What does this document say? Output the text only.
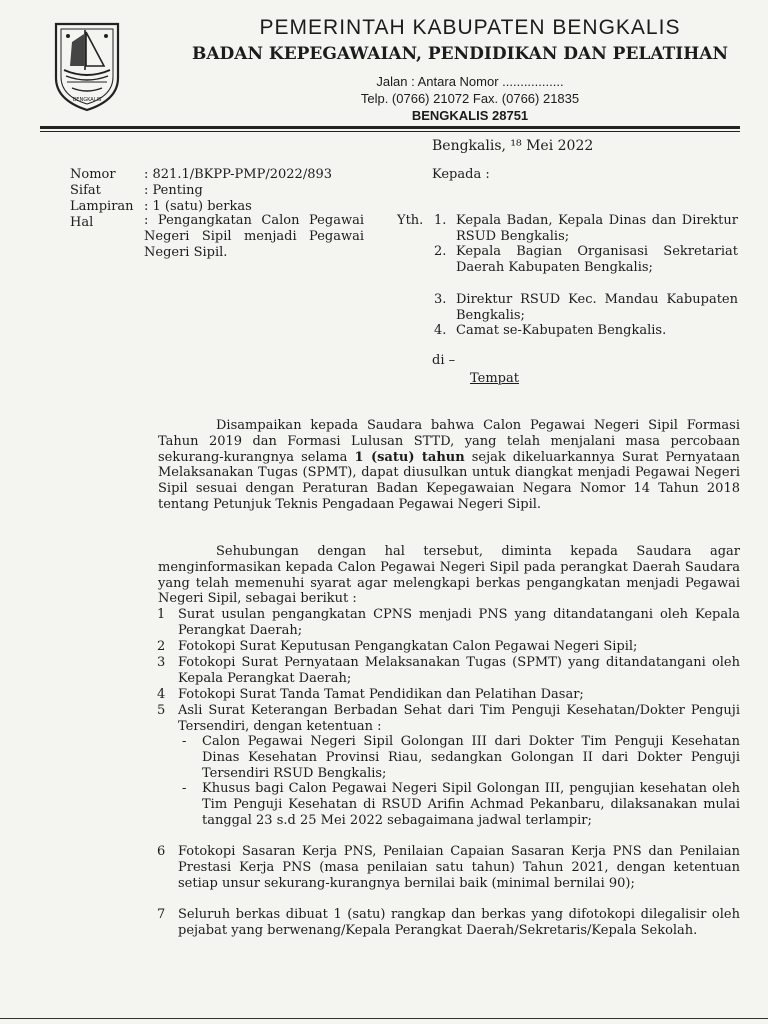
BENGKALIS
PEMERINTAH KABUPATEN BENGKALIS
BADAN KEPEGAWAIAN, PENDIDIKAN DAN PELATIHAN
Jalan : Antara Nomor .................
Telp. (0766) 21072 Fax. (0766) 21835
BENGKALIS 28751
Bengkalis, ¹⁸ Mei 2022
Nomor : 821.1/BKPP-PMP/2022/893
Sifat	: Penting
Lampiran : 1 (satu) berkas
Hal	: Pengangkatan Calon Pegawai Negeri Sipil menjadi Pegawai Negeri Sipil.
Kepada :
Yth. 1. Kepala Badan, Kepala Dinas dan Direktur RSUD Bengkalis;
2. Kepala Bagian Organisasi Sekretariat Daerah Kabupaten Bengkalis;
3. Direktur RSUD Kec. Mandau Kabupaten Bengkalis;
4. Camat se-Kabupaten Bengkalis.
di –
Tempat
Disampaikan kepada Saudara bahwa Calon Pegawai Negeri Sipil Formasi Tahun 2019 dan Formasi Lulusan STTD, yang telah menjalani masa percobaan sekurang-kurangnya selama 1 (satu) tahun sejak dikeluarkannya Surat Pernyataan Melaksanakan Tugas (SPMT), dapat diusulkan untuk diangkat menjadi Pegawai Negeri Sipil sesuai dengan Peraturan Badan Kepegawaian Negara Nomor 14 Tahun 2018 tentang Petunjuk Teknis Pengadaan Pegawai Negeri Sipil.
Sehubungan dengan hal tersebut, diminta kepada Saudara agar menginformasikan kepada Calon Pegawai Negeri Sipil pada perangkat Daerah Saudara yang telah memenuhi syarat agar melengkapi berkas pengangkatan menjadi Pegawai Negeri Sipil, sebagai berikut :
1 Surat usulan pengangkatan CPNS menjadi PNS yang ditandatangani oleh Kepala Perangkat Daerah;
2 Fotokopi Surat Keputusan Pengangkatan Calon Pegawai Negeri Sipil;
3 Fotokopi Surat Pernyataan Melaksanakan Tugas (SPMT) yang ditandatangani oleh Kepala Perangkat Daerah;
4 Fotokopi Surat Tanda Tamat Pendidikan dan Pelatihan Dasar;
5 Asli Surat Keterangan Berbadan Sehat dari Tim Penguji Kesehatan/Dokter Penguji Tersendiri, dengan ketentuan :
- Calon Pegawai Negeri Sipil Golongan III dari Dokter Tim Penguji Kesehatan Dinas Kesehatan Provinsi Riau, sedangkan Golongan II dari Dokter Penguji Tersendiri RSUD Bengkalis;
- Khusus bagi Calon Pegawai Negeri Sipil Golongan III, pengujian kesehatan oleh Tim Penguji Kesehatan di RSUD Arifin Achmad Pekanbaru, dilaksanakan mulai tanggal 23 s.d 25 Mei 2022 sebagaimana jadwal terlampir;
6 Fotokopi Sasaran Kerja PNS, Penilaian Capaian Sasaran Kerja PNS dan Penilaian Prestasi Kerja PNS (masa penilaian satu tahun) Tahun 2021, dengan ketentuan setiap unsur sekurang-kurangnya bernilai baik (minimal bernilai 90);
7 Seluruh berkas dibuat 1 (satu) rangkap dan berkas yang difotokopi dilegalisir oleh pejabat yang berwenang/Kepala Perangkat Daerah/Sekretaris/Kepala Sekolah.
